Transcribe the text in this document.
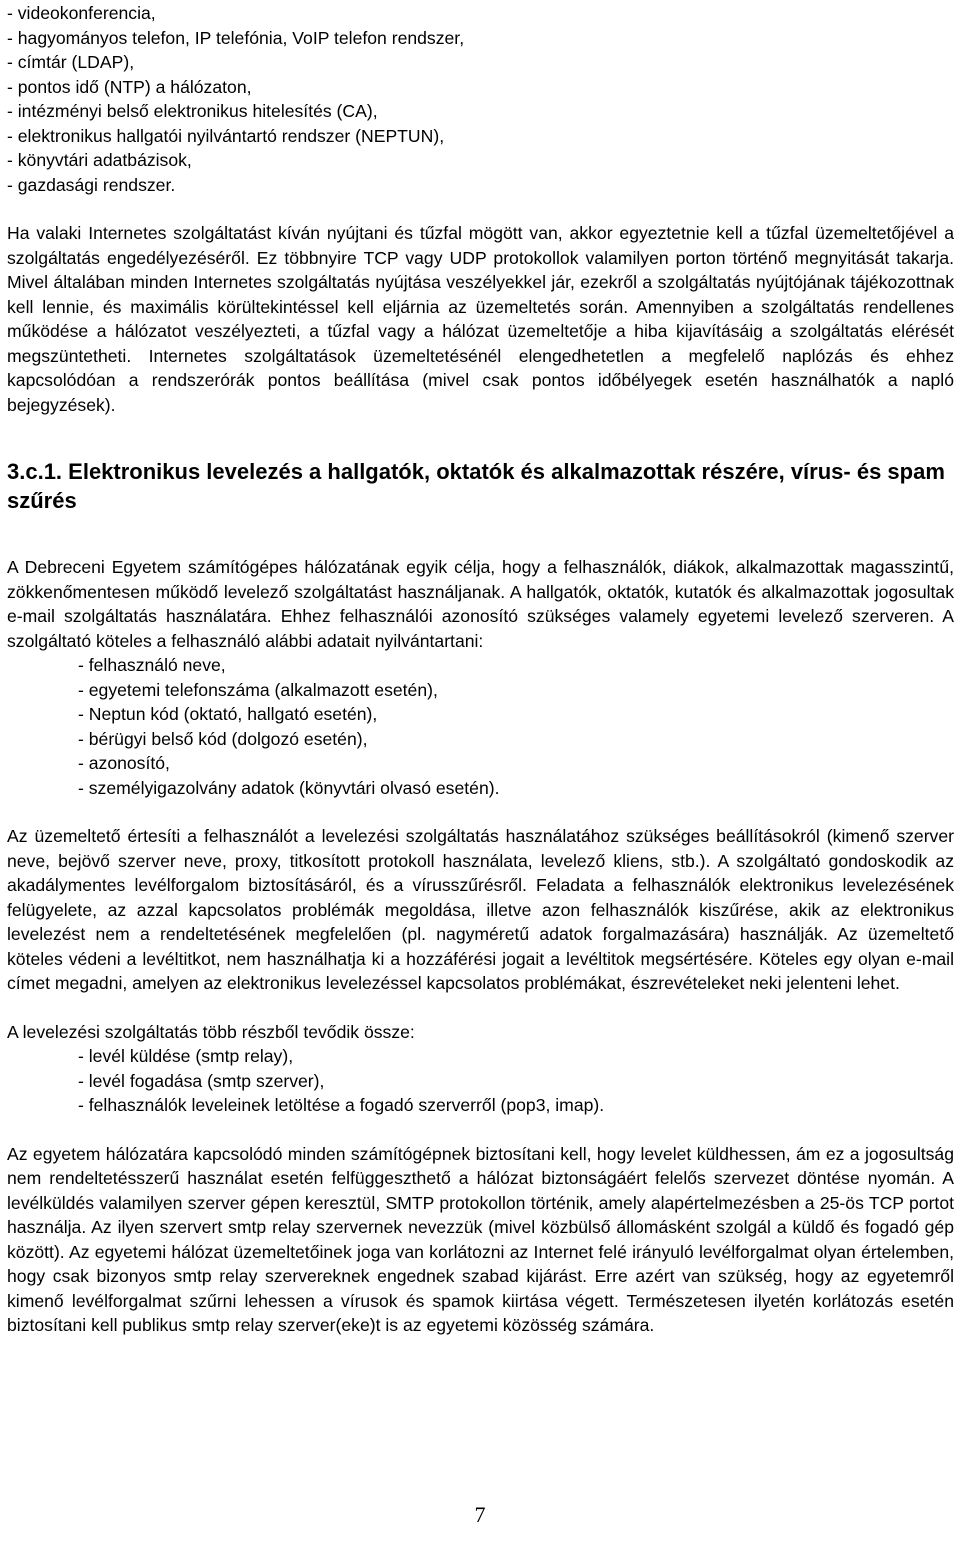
- videokonferencia,
- hagyományos telefon, IP telefónia, VoIP telefon rendszer,
- címtár (LDAP),
- pontos idő (NTP) a hálózaton,
- intézményi belső elektronikus hitelesítés (CA),
- elektronikus hallgatói nyilvántartó rendszer (NEPTUN),
- könyvtári adatbázisok,
- gazdasági rendszer.

Ha valaki Internetes szolgáltatást kíván nyújtani és tűzfal mögött van, akkor egyeztetnie kell a tűzfal üzemeltetőjével a szolgáltatás engedélyezéséről. Ez többnyire TCP vagy UDP protokollok valamilyen porton történő megnyitását takarja. Mivel általában minden Internetes szolgáltatás nyújtása veszélyekkel jár, ezekről a szolgáltatás nyújtójának tájékozottnak kell lennie, és maximális körültekintéssel kell eljárnia az üzemeltetés során. Amennyiben a szolgáltatás rendellenes működése a hálózatot veszélyezteti, a tűzfal vagy a hálózat üzemeltetője a hiba kijavításáig a szolgáltatás elérését megszüntetheti. Internetes szolgáltatások üzemeltetésénél elengedhetetlen a megfelelő naplózás és ehhez kapcsolódóan a rendszerórák pontos beállítása (mivel csak pontos időbélyegek esetén használhatók a napló bejegyzések).

3.c.1. Elektronikus levelezés a hallgatók, oktatók és alkalmazottak részére, vírus- és spam szűrés

A Debreceni Egyetem számítógépes hálózatának egyik célja, hogy a felhasználók, diákok, alkalmazottak magasszintű, zökkenőmentesen működő levelező szolgáltatást használjanak. A hallgatók, oktatók, kutatók és alkalmazottak jogosultak e-mail szolgáltatás használatára. Ehhez felhasználói azonosító szükséges valamely egyetemi levelező szerveren. A szolgáltató köteles a felhasználó alábbi adatait nyilvántartani:

- felhasználó neve,
- egyetemi telefonszáma (alkalmazott esetén),
- Neptun kód (oktató, hallgató esetén),
- bérügyi belső kód (dolgozó esetén),
- azonosító,
- személyigazolvány adatok (könyvtári olvasó esetén).

Az üzemeltető értesíti a felhasználót a levelezési szolgáltatás használatához szükséges beállításokról (kimenő szerver neve, bejövő szerver neve, proxy, titkosított protokoll használata, levelező kliens, stb.). A szolgáltató gondoskodik az akadálymentes levélforgalom biztosításáról, és a vírusszűrésről. Feladata a felhasználók elektronikus levelezésének felügyelete, az azzal kapcsolatos problémák megoldása, illetve azon felhasználók kiszűrése, akik az elektronikus levelezést nem a rendeltetésének megfelelően (pl. nagyméretű adatok forgalmazására) használják. Az üzemeltető köteles védeni a levéltitkot, nem használhatja ki a hozzáférési jogait a levéltitok megsértésére. Köteles egy olyan e-mail címet megadni, amelyen az elektronikus levelezéssel kapcsolatos problémákat, észrevételeket neki jelenteni lehet.

A levelezési szolgáltatás több részből tevődik össze:

- levél küldése (smtp relay),
- levél fogadása (smtp szerver),
- felhasználók leveleinek letöltése a fogadó szerverről (pop3, imap).

Az egyetem hálózatára kapcsolódó minden számítógépnek biztosítani kell, hogy levelet küldhessen, ám ez a jogosultság nem rendeltetésszerű használat esetén felfüggeszthető a hálózat biztonságáért felelős szervezet döntése nyomán. A levélküldés valamilyen szerver gépen keresztül, SMTP protokollon történik, amely alapértelmezésben a 25-ös TCP portot használja. Az ilyen szervert smtp relay szervernek nevezzük (mivel közbülső állomásként szolgál a küldő és fogadó gép között). Az egyetemi hálózat üzemeltetőinek joga van korlátozni az Internet felé irányuló levélforgalmat olyan értelemben, hogy csak bizonyos smtp relay szervereknek engednek szabad kijárást. Erre azért van szükség, hogy az egyetemről kimenő levélforgalmat szűrni lehessen a vírusok és spamok kiirtása végett. Természetesen ilyetén korlátozás esetén biztosítani kell publikus smtp relay szerver(eke)t is az egyetemi közösség számára.

7
